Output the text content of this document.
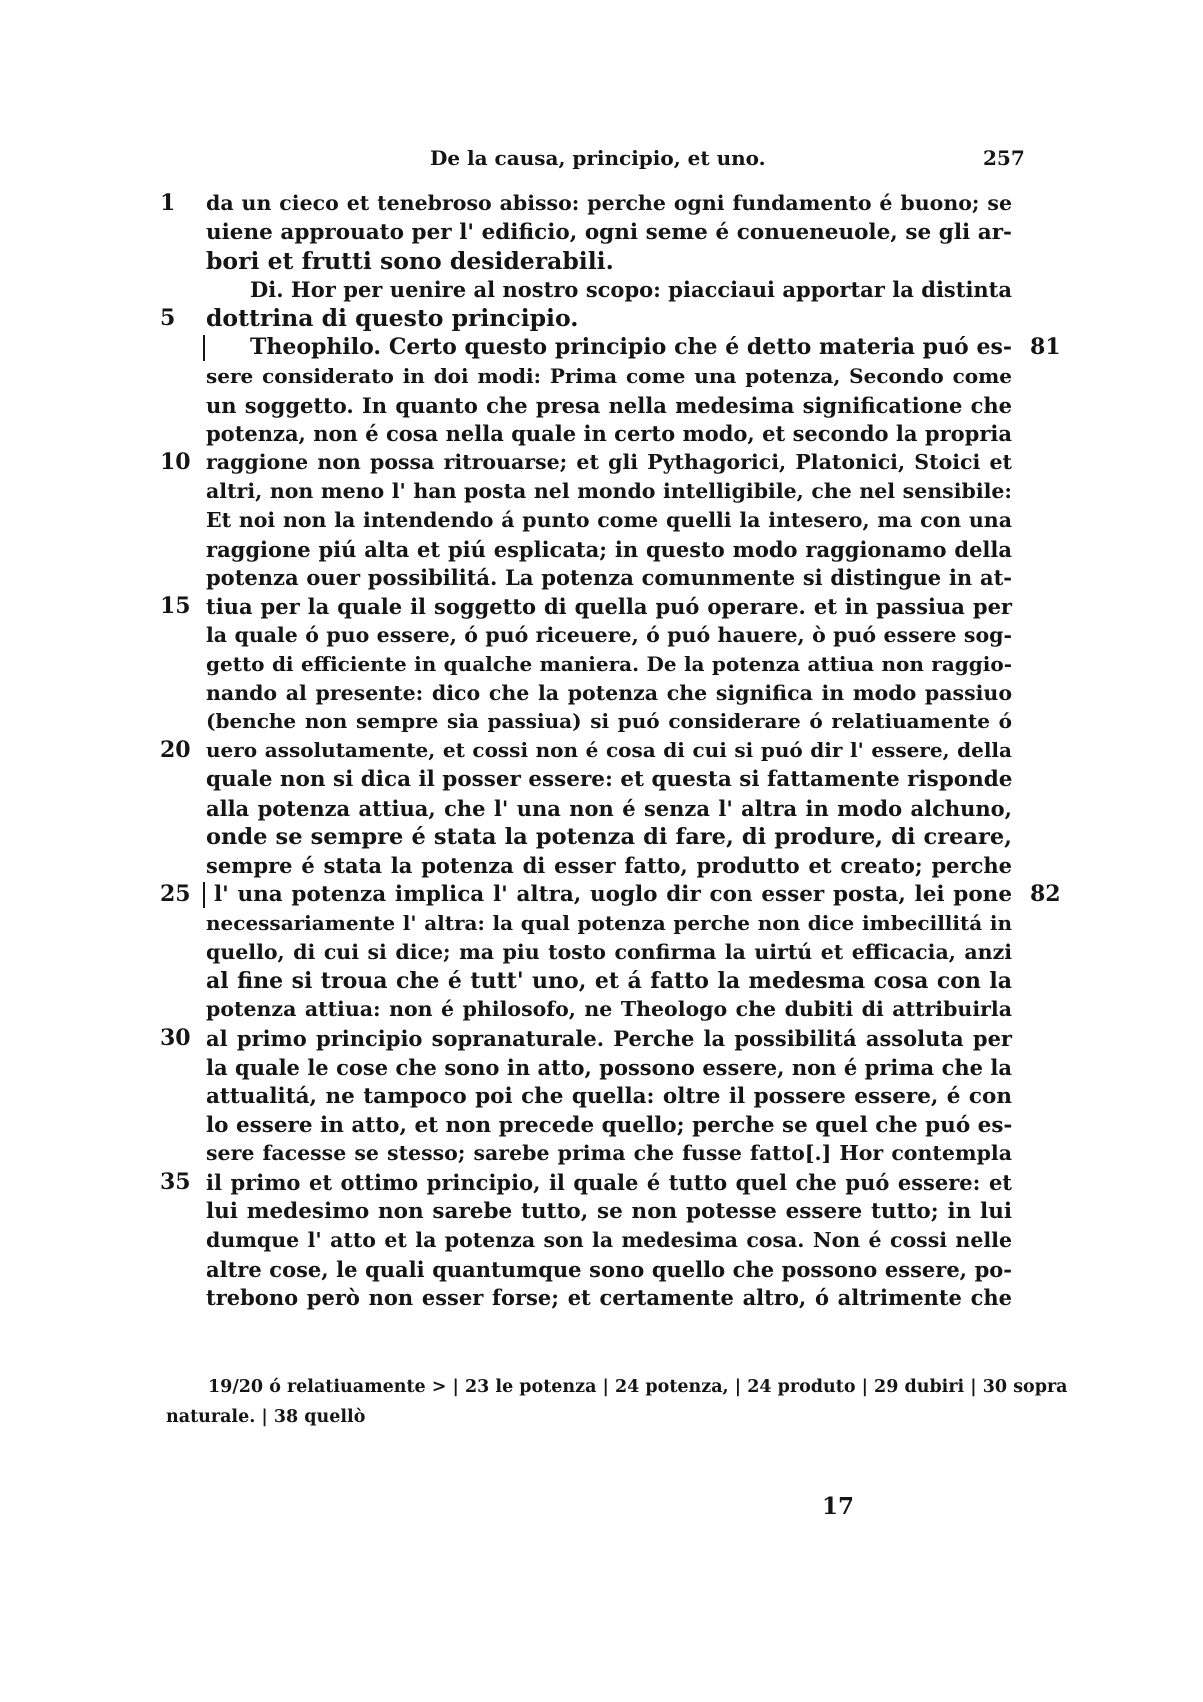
De la causa, principio, et uno.	257
1
5
10
15
20
25
30
35
81
82
da un cieco et tenebroso abisso: perche ogni fundamento é buono; se
uiene approuato per l' edificio, ogni seme é conueneuole, se gli ar-
bori et frutti sono desiderabili.
Di. Hor per uenire al nostro scopo: piacciaui apportar la distinta
dottrina di questo principio.
Theophilo. Certo questo principio che é detto materia puó es-
sere considerato in doi modi: Prima come una potenza, Secondo come
un soggetto. In quanto che presa nella medesima significatione che
potenza, non é cosa nella quale in certo modo, et secondo la propria
raggione non possa ritrouarse; et gli Pythagorici, Platonici, Stoici et
altri, non meno l' han posta nel mondo intelligibile, che nel sensibile:
Et noi non la intendendo á punto come quelli la intesero, ma con una
raggione piú alta et piú esplicata; in questo modo raggionamo della
potenza ouer possibilitá. La potenza comunmente si distingue in at-
tiua per la quale il soggetto di quella puó operare. et in passiua per
la quale ó puo essere, ó puó riceuere, ó puó hauere, ò puó essere sog-
getto di efficiente in qualche maniera. De la potenza attiua non raggio-
nando al presente: dico che la potenza che significa in modo passiuo
(benche non sempre sia passiua) si puó considerare ó relatiuamente ó
uero assolutamente, et cossi non é cosa di cui si puó dir l' essere, della
quale non si dica il posser essere: et questa si fattamente risponde
alla potenza attiua, che l' una non é senza l' altra in modo alchuno,
onde se sempre é stata la potenza di fare, di produre, di creare,
sempre é stata la potenza di esser fatto, produtto et creato; perche
l' una potenza implica l' altra, uoglo dir con esser posta, lei pone
necessariamente l' altra: la qual potenza perche non dice imbecillitá in
quello, di cui si dice; ma piu tosto confirma la uirtú et efficacia, anzi
al fine si troua che é tutt' uno, et á fatto la medesma cosa con la
potenza attiua: non é philosofo, ne Theologo che dubiti di attribuirla
al primo principio sopranaturale. Perche la possibilitá assoluta per
la quale le cose che sono in atto, possono essere, non é prima che la
attualitá, ne tampoco poi che quella: oltre il possere essere, é con
lo essere in atto, et non precede quello; perche se quel che puó es-
sere facesse se stesso; sarebe prima che fusse fatto[.] Hor contempla
il primo et ottimo principio, il quale é tutto quel che puó essere: et
lui medesimo non sarebe tutto, se non potesse essere tutto; in lui
dumque l' atto et la potenza son la medesima cosa. Non é cossi nelle
altre cose, le quali quantumque sono quello che possono essere, po-
trebono però non esser forse; et certamente altro, ó altrimente che
19/20 ó relatiuamente > | 23 le potenza | 24 potenza, | 24 produto | 29 dubiri | 30 sopra
naturale. | 38 quellò
17
